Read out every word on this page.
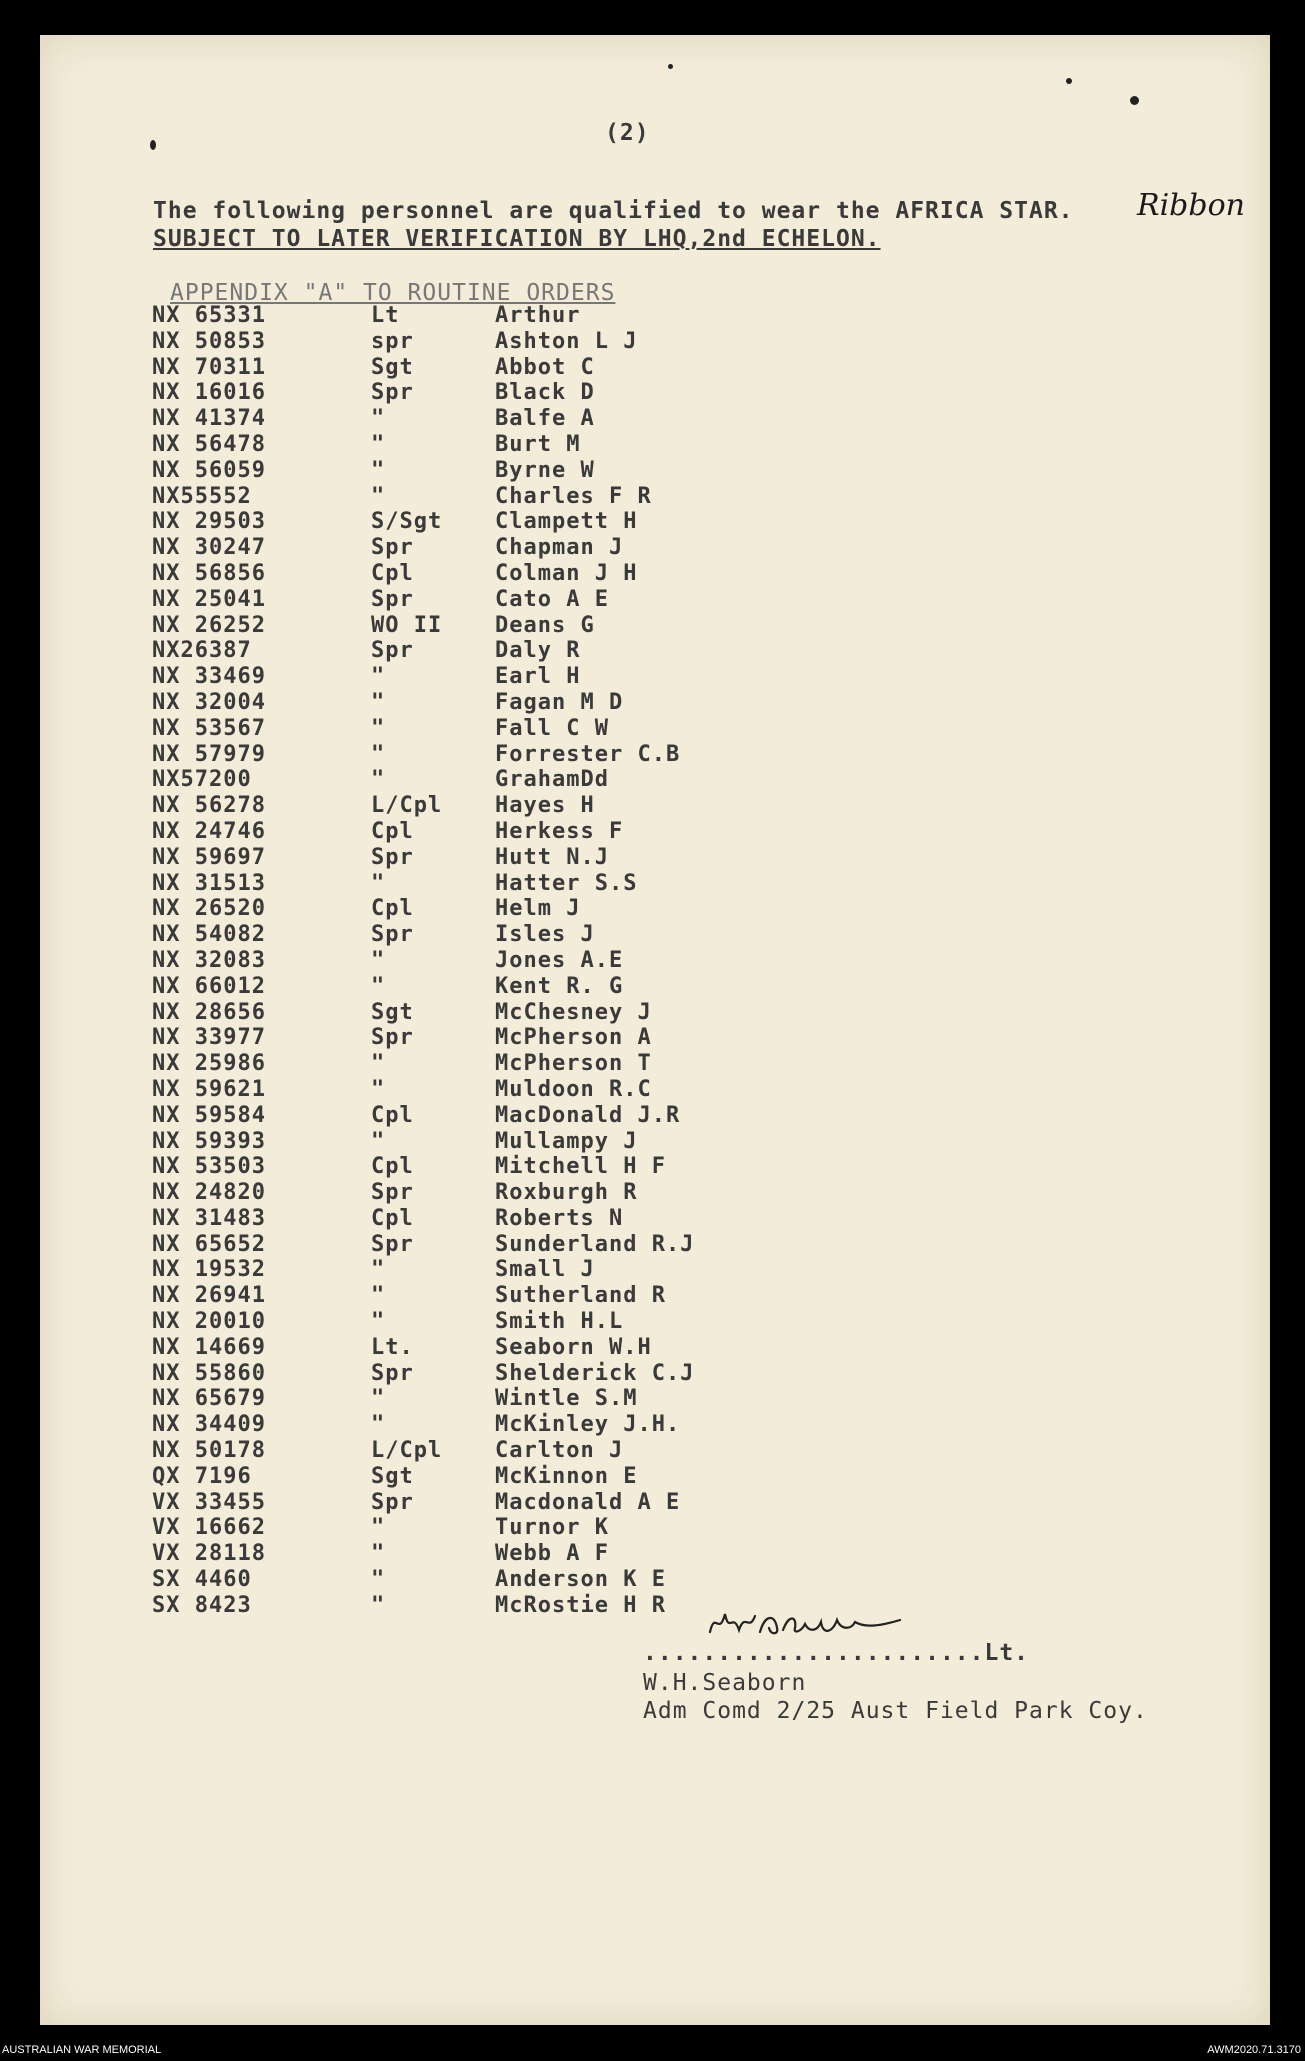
(2)
The following personnel are qualified to wear the AFRICA STAR. Ribbon
SUBJECT TO LATER VERIFICATION BY LHQ,2nd ECHELON.
APPENDIX "A" TO ROUTINE ORDERS
NX 65331	Lt	Arthur
NX 50853	spr	Ashton L J
NX 70311	Sgt	Abbot C
NX 16016	Spr	Black D
NX 41374	"	Balfe A
NX 56478	"	Burt M
NX 56059	"	Byrne W
NX55552	"	Charles F R
NX 29503	S/Sgt	Clampett H
NX 30247	Spr	Chapman J
NX 56856	Cpl	Colman J H
NX 25041	Spr	Cato A E
NX 26252	WO II	Deans G
NX26387	Spr	Daly R
NX 33469	"	Earl H
NX 32004	"	Fagan M D
NX 53567	"	Fall C W
NX 57979	"	Forrester C.B
NX57200	"	GrahamDd
NX 56278	L/Cpl	Hayes H
NX 24746	Cpl	Herkess F
NX 59697	Spr	Hutt N.J
NX 31513	"	Hatter S.S
NX 26520	Cpl	Helm J
NX 54082	Spr	Isles J
NX 32083	"	Jones A.E
NX 66012	"	Kent R. G
NX 28656	Sgt	McChesney J
NX 33977	Spr	McPherson A
NX 25986	"	McPherson T
NX 59621	"	Muldoon R.C
NX 59584	Cpl	MacDonald J.R
NX 59393	"	Mullampy J
NX 53503	Cpl	Mitchell H F
NX 24820	Spr	Roxburgh R
NX 31483	Cpl	Roberts N
NX 65652	Spr	Sunderland R.J
NX 19532	"	Small J
NX 26941	"	Sutherland R
NX 20010	"	Smith H.L
NX 14669	Lt.	Seaborn W.H
NX 55860	Spr	Shelderick C.J
NX 65679	"	Wintle S.M
NX 34409	"	McKinley J.H.
NX 50178	L/Cpl	Carlton J
QX 7196	Sgt	McKinnon E
VX 33455	Spr	Macdonald A E
VX 16662	"	Turnor K
VX 28118	"	Webb A F
SX 4460	"	Anderson K E
SX 8423	"	McRostie H R
.......................Lt.
W.H.Seaborn
Adm Comd 2/25 Aust Field Park Coy.
AUSTRALIAN WAR MEMORIAL	AWM2020.71.3170
